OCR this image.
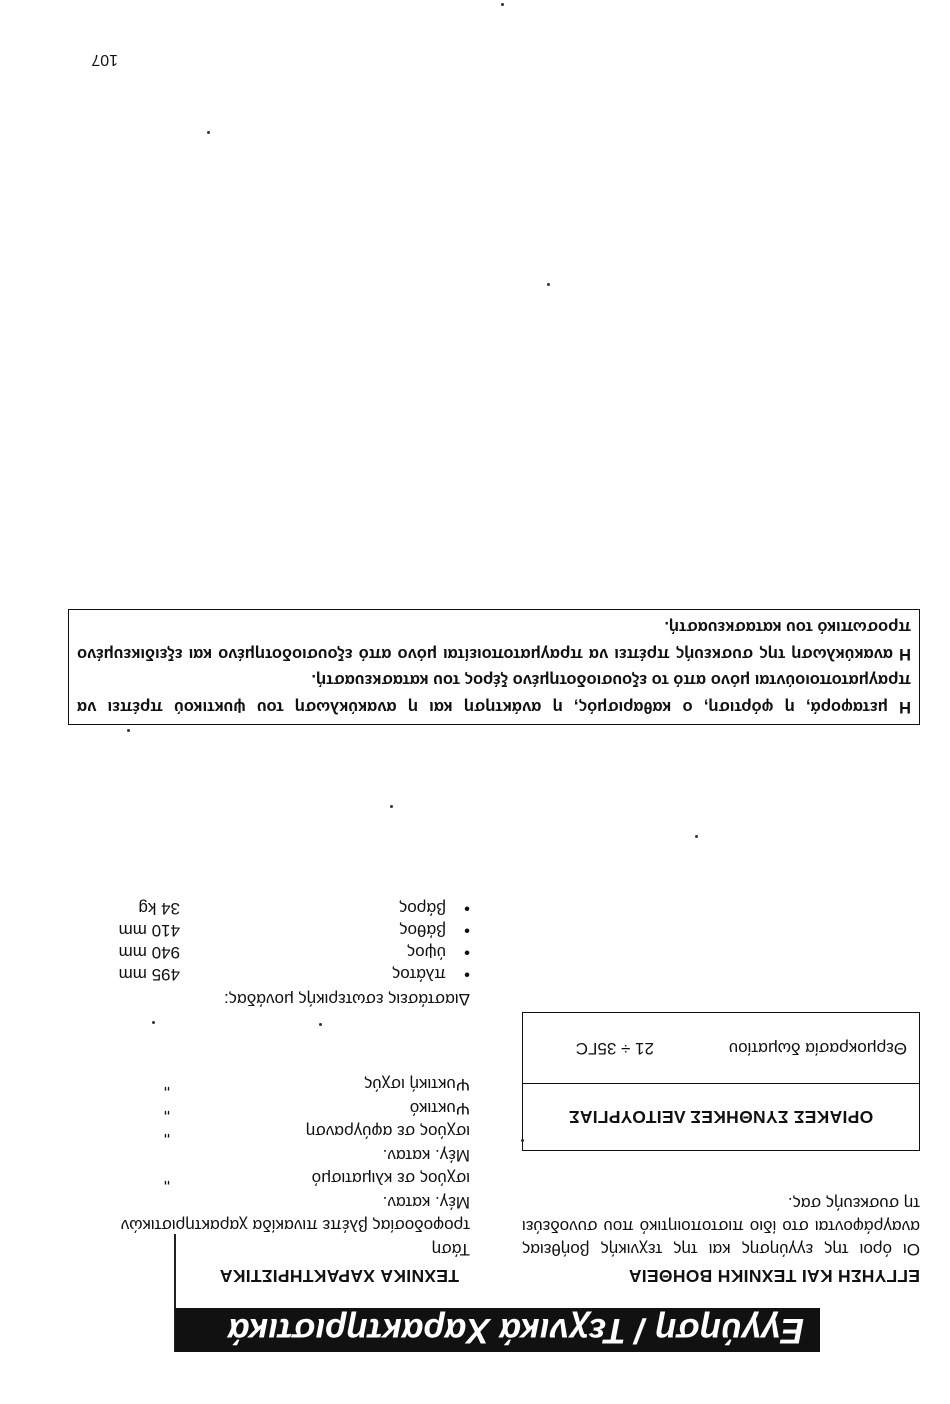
Εγγύηση / Τεχνικά Χαρακτηριστικά
ΕΓΓΥΗΣΗ ΚΑΙ ΤΕΧΝΙΚΗ ΒΟΗΘΕΙΑ
Οι όροι της εγγύησης και της τεχνικής βοήθειας αναγράφονται στο ίδιο πιστοποιητικό που συνοδεύει τη συσκευής σας.
ΤΕΧΝΙΚΑ ΧΑΡΑΚΤΗΡΙΣΤΙΚΑ
Τάση
τροφοδοσίας βλέπε πινακίδα χαρακτηριστικών
Μέγ. καταν.
ισχύος σε κλιματισμό
"
Μέγ. καταν.
ισχύος σε αφύγρανση
"
Ψυκτικό
"
Ψυκτική ισχύς
"
ΟΡΙΑΚΕΣ ΣΥΝΘΗΚΕΣ ΛΕΙΤΟΥΡΓΙΑΣ
Θερμοκρασία δωματίου
21 ÷ 35ΓC
Διαστάσεις εσωτερικής μονάδας:
•
πλάτος
495 mm
•
ύψος
940 mm
•
βάθος
410 mm
•
βάρος
34 kg

Η μεταφορά, η φόρτιση, ο καθαρισμός, η ανάκτηση και η ανακύκλωση του ψυκτικού πρέπει να πραγματοποιούνται μόνο από το εξουσιοδοτημένο ξέρος του κατασκευαστή.

Η ανακύκλωση της συσκευής πρέπει να πραγματοποιείται μόνο από εξουσιοδοτημένο και εξειδικευμένο προσωπικό του κατασκευαστή.

107
